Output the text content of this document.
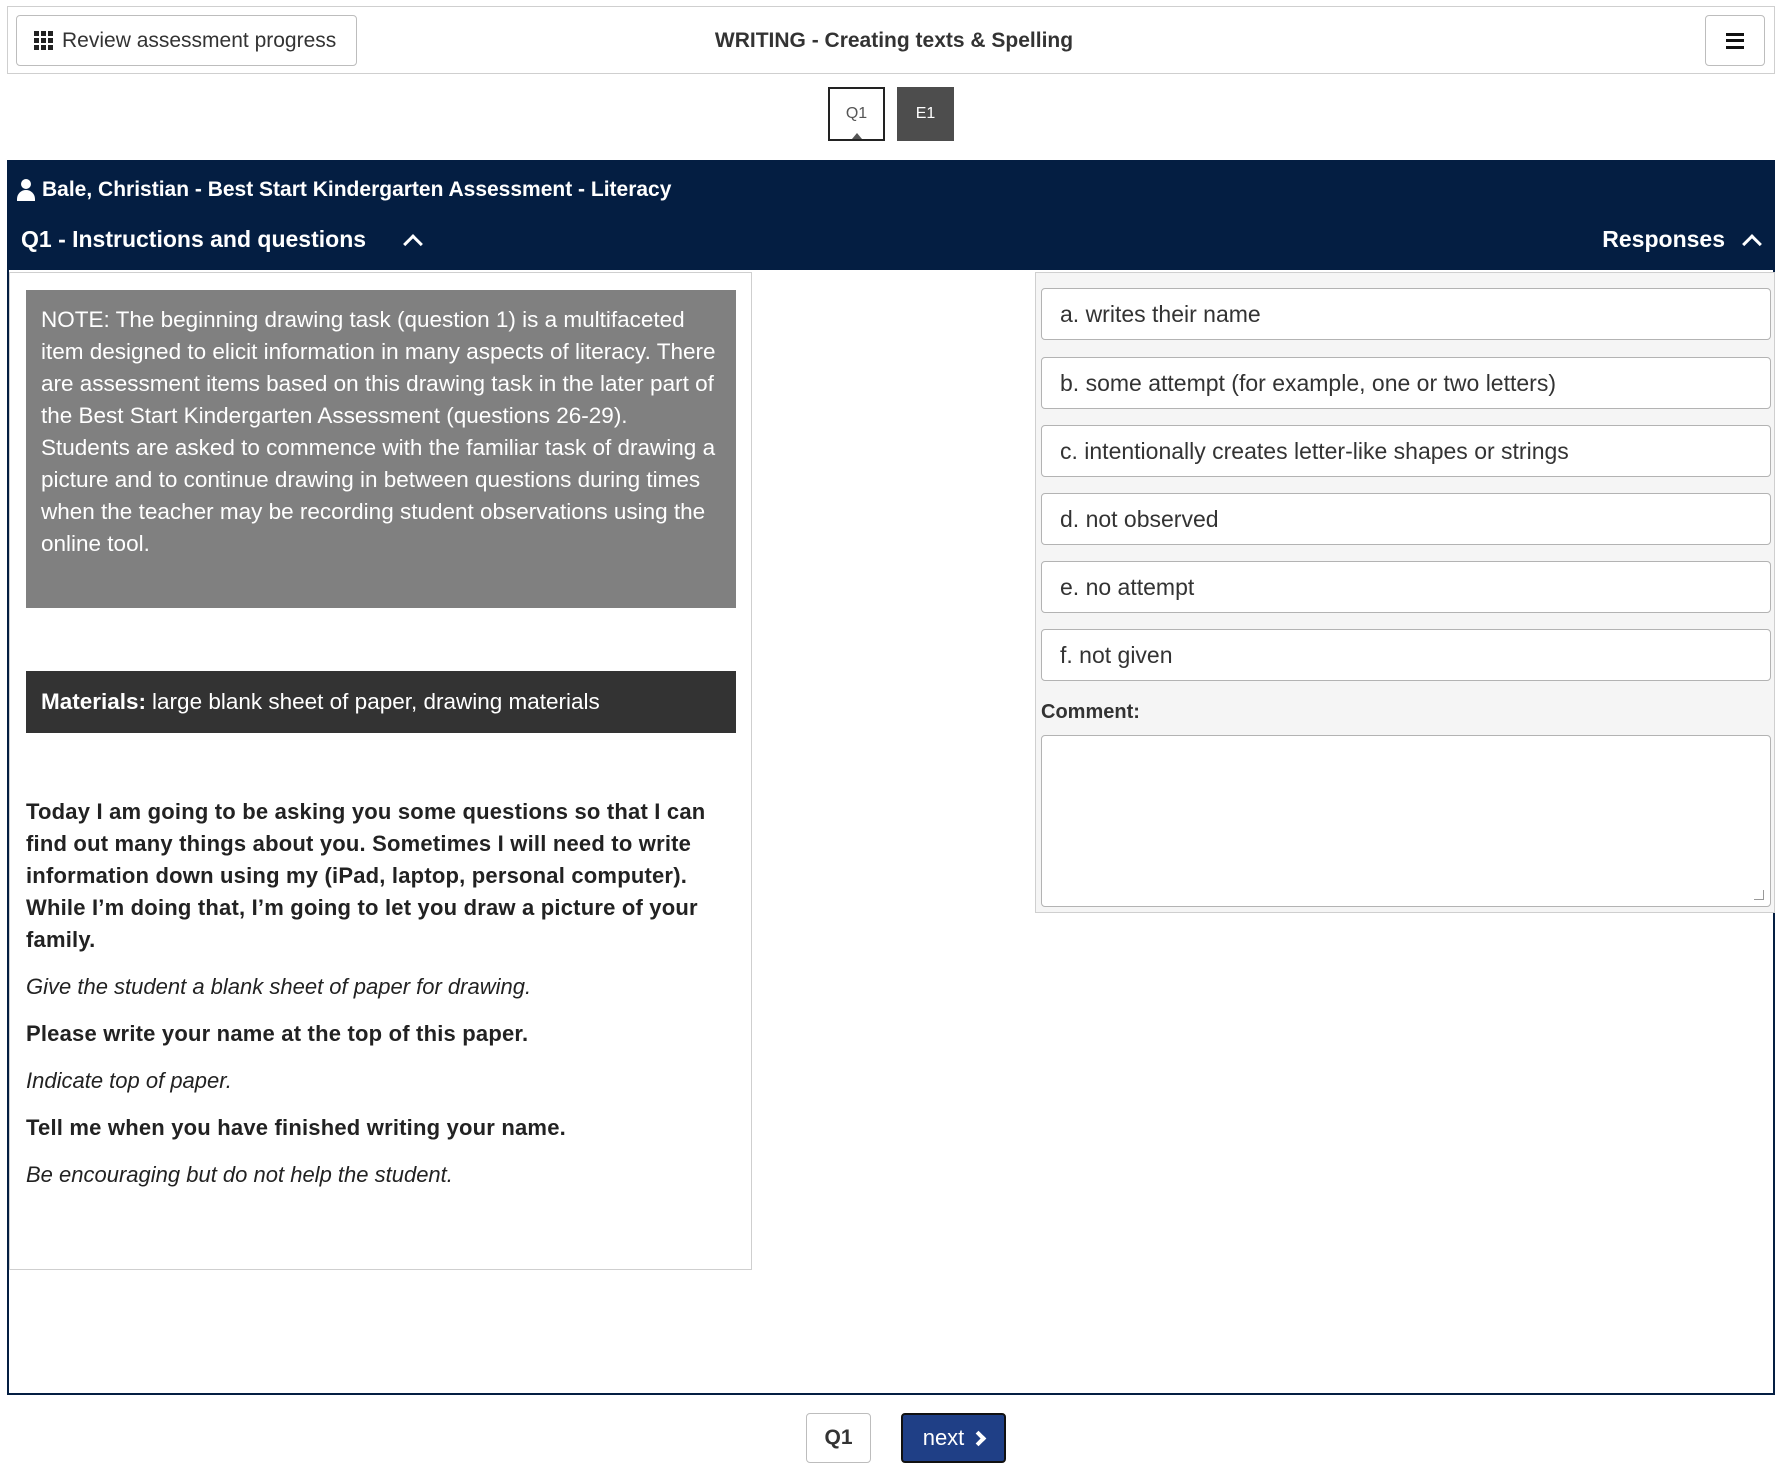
Review assessment progress	WRITING - Creating texts & Spelling
Q1	E1
Bale, Christian - Best Start Kindergarten Assessment - Literacy
Q1 - Instructions and questions	Responses

NOTE: The beginning drawing task (question 1) is a multifaceted item designed to elicit information in many aspects of literacy. There are assessment items based on this drawing task in the later part of the Best Start Kindergarten Assessment (questions 26-29).

Students are asked to commence with the familiar task of drawing a picture and to continue drawing in between questions during times when the teacher may be recording student observations using the online tool.

Materials: large blank sheet of paper, drawing materials

Today I am going to be asking you some questions so that I can find out many things about you. Sometimes I will need to write information down using my (iPad, laptop, personal computer). While I’m doing that, I’m going to let you draw a picture of your family.

Give the student a blank sheet of paper for drawing.

Please write your name at the top of this paper.

Indicate top of paper.

Tell me when you have finished writing your name.

Be encouraging but do not help the student.

a. writes their name
b. some attempt (for example, one or two letters)
c. intentionally creates letter-like shapes or strings
d. not observed
e. no attempt
f. not given
Comment:
Q1	next
